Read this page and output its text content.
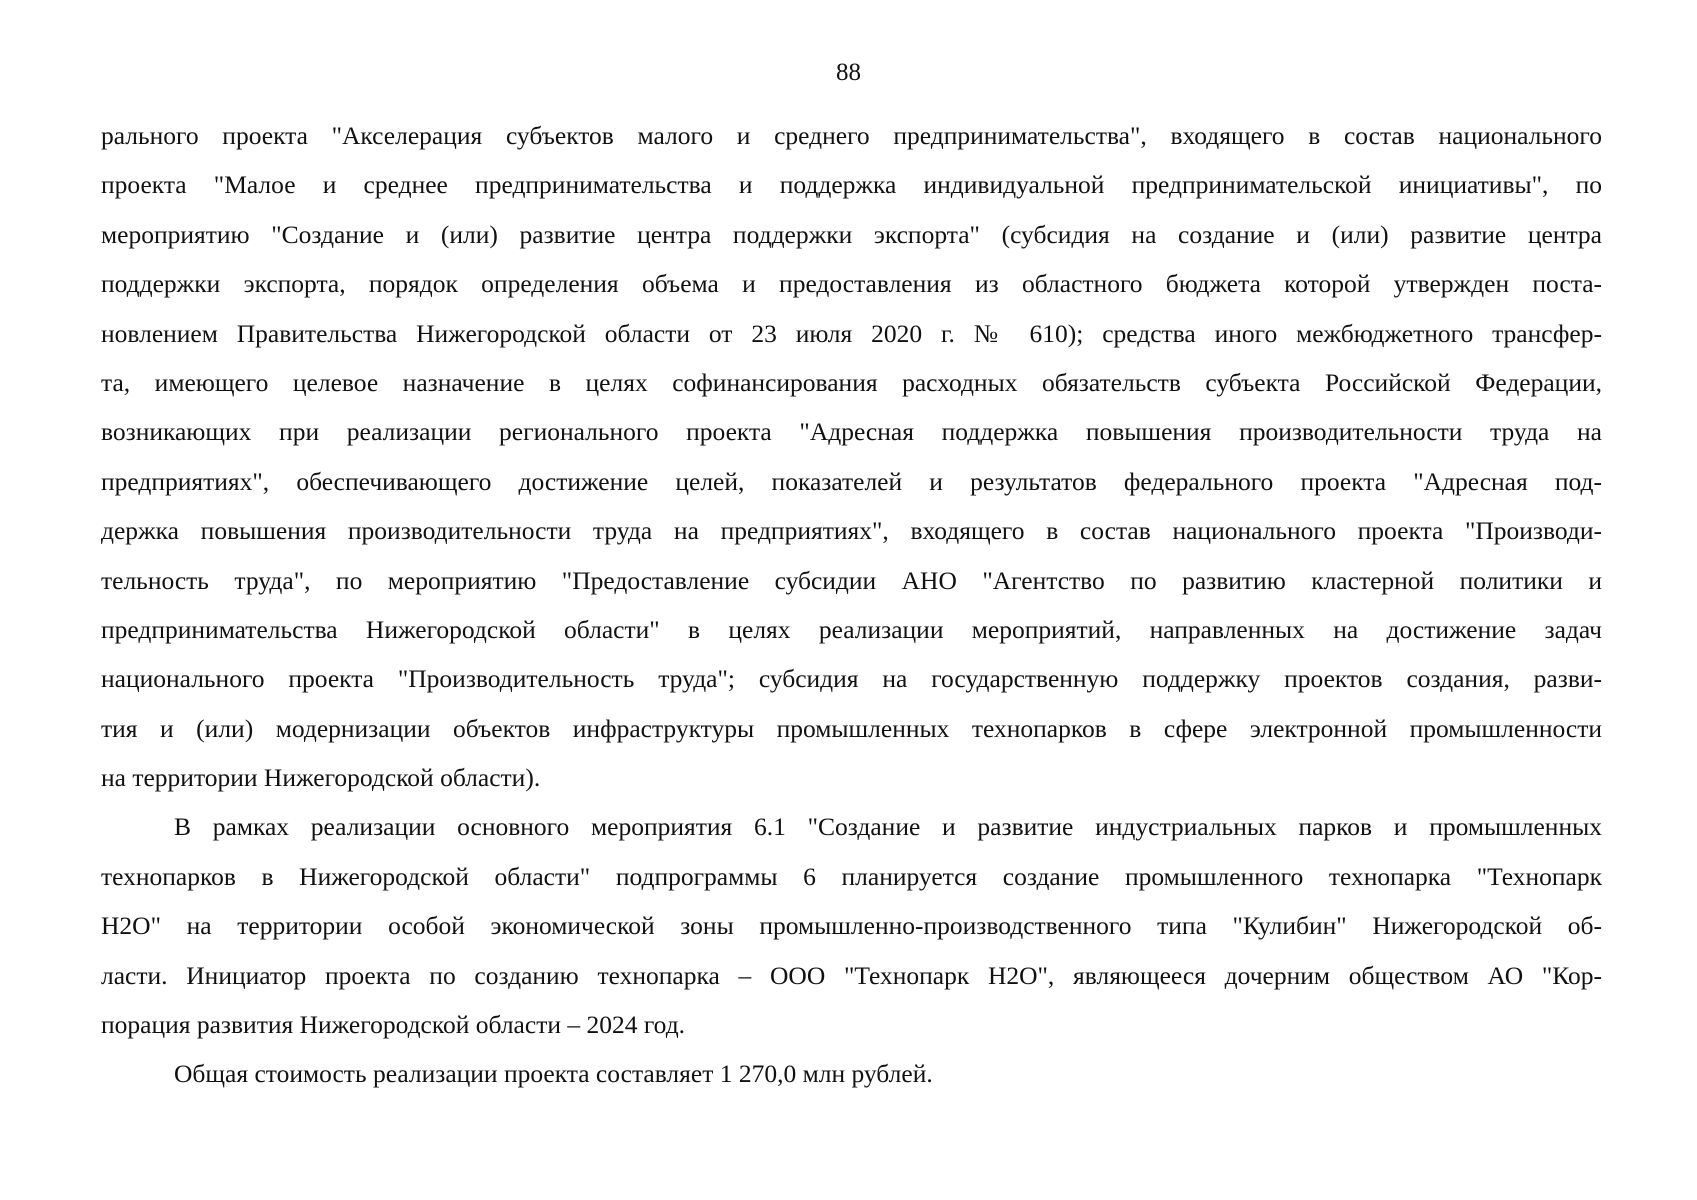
88
рального проекта "Акселерация субъектов малого и среднего предпринимательства", входящего в состав национального
проекта "Малое и среднее предпринимательства и поддержка индивидуальной предпринимательской инициативы", по
мероприятию "Создание и (или) развитие центра поддержки экспорта" (субсидия на создание и (или) развитие центра
поддержки экспорта, порядок определения объема и предоставления из областного бюджета которой утвержден поста-
новлением Правительства Нижегородской области от 23 июля 2020 г. № 610); средства иного межбюджетного трансфер-
та, имеющего целевое назначение в целях софинансирования расходных обязательств субъекта Российской Федерации,
возникающих при реализации регионального проекта "Адресная поддержка повышения производительности труда на
предприятиях", обеспечивающего достижение целей, показателей и результатов федерального проекта "Адресная под-
держка повышения производительности труда на предприятиях", входящего в состав национального проекта "Производи-
тельность труда", по мероприятию "Предоставление субсидии АНО "Агентство по развитию кластерной политики и
предпринимательства Нижегородской области" в целях реализации мероприятий, направленных на достижение задач
национального проекта "Производительность труда"; субсидия на государственную поддержку проектов создания, разви-
тия и (или) модернизации объектов инфраструктуры промышленных технопарков в сфере электронной промышленности
на территории Нижегородской области).
В рамках реализации основного мероприятия 6.1 "Создание и развитие индустриальных парков и промышленных
технопарков в Нижегородской области" подпрограммы 6 планируется создание промышленного технопарка "Технопарк
Н2О" на территории особой экономической зоны промышленно-производственного типа "Кулибин" Нижегородской об-
ласти. Инициатор проекта по созданию технопарка – ООО "Технопарк Н2О", являющееся дочерним обществом АО "Кор-
порация развития Нижегородской области – 2024 год.
Общая стоимость реализации проекта составляет 1 270,0 млн рублей.
